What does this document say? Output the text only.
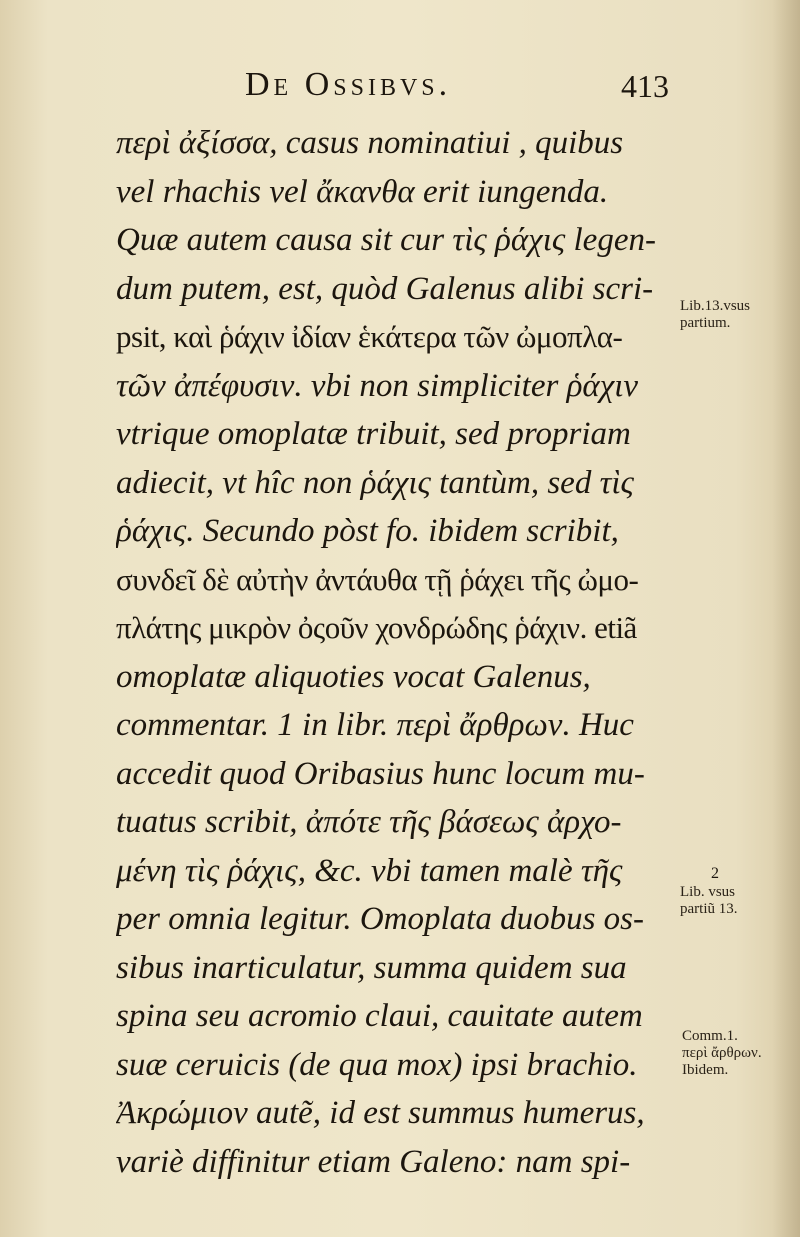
De Ossibvs.	413
περὶ ἀξίσσα, casus nominatiui , quibus
vel rhachis vel ἄκανθα erit iungenda.
Quæ autem causa sit cur τὶς ῥάχις legen-
dum putem, est, quòd Galenus alibi scri-
psit, καὶ ῥάχιν ἰδίαν ἑκάτερα τῶν ὠμοπλα-
τῶν ἀπέφυσιν. vbi non simpliciter ῥάχιν
vtrique omoplatæ tribuit, sed propriam
adiecit, vt hîc non ῥάχις tantùm, sed τὶς
ῥάχις. Secundo pòst fo. ibidem scribit,
συνδεῖ δὲ αὐτὴν ἀντάυθα τῇ ῥάχει τῆς ὠμο-
πλάτης μικρὸν ὀςοῦν χονδρώδης ῥάχιν. etiã
omoplatæ aliquoties vocat Galenus,
commentar. 1 in libr. περὶ ἄρθρων. Huc
accedit quod Oribasius hunc locum mu-
tuatus scribit, ἀπότε τῆς βάσεως ἀρχο-
μένη τὶς ῥάχις, &c. vbi tamen malè τῆς
per omnia legitur. Omoplata duobus os-
sibus inarticulatur, summa quidem sua
spina seu acromio claui, cauitate autem
suæ ceruicis (de qua mox) ipsi brachio.
Ἀκρώμιον autẽ, id est summus humerus,
variè diffinitur etiam Galeno: nam spi-
Lib.13.vsus
partium.
2
Lib. vsus
partiũ 13.
Comm.1.
περὶ ἄρθρων.
Ibidem.
